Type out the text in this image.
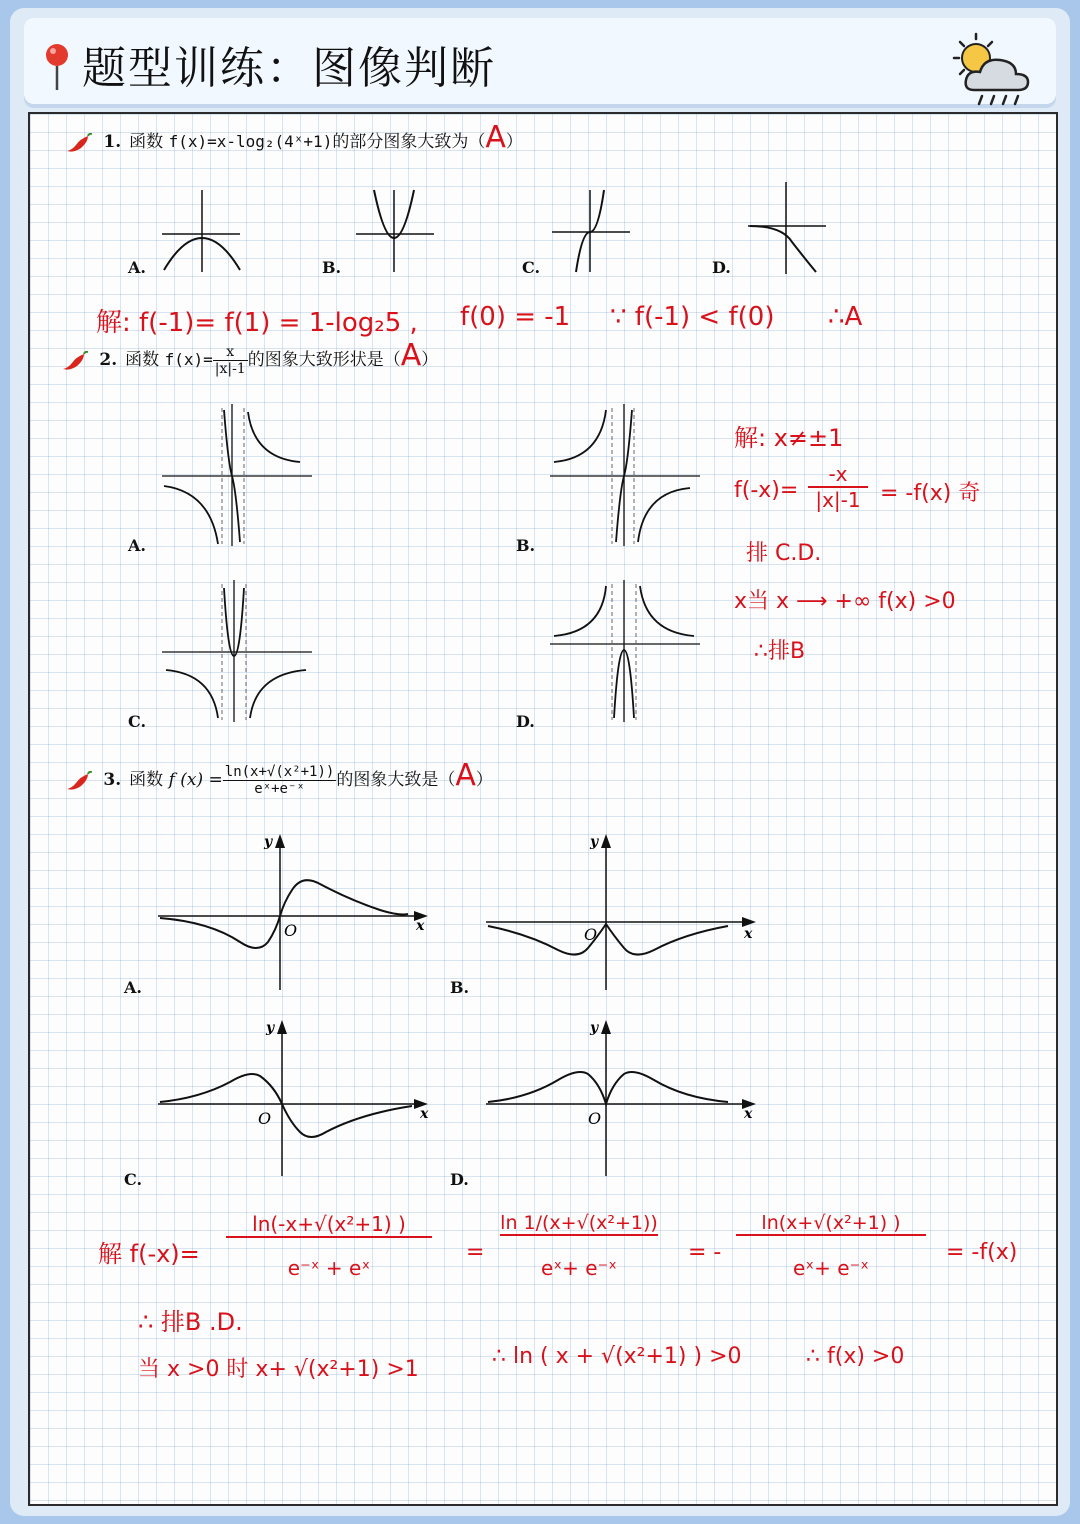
题型训练：图像判断
1. 函数 f(x)=x-log₂(4ˣ+1)的部分图象大致为（A）
A.	B.	C.	D.
解: f(-1)= f(1) = 1-log₂5 , f(0) = -1 ∵ f(-1) < f(0) ∴A
2. 函数 $f(x)= \frac{x}{|x|-1}$ 的图象大致形状是（A）
A.	B.
C.	D.
解: x≠±1
f(-x)=
-x
|x|-1 = -f(x) 奇
排 C.D.
x当 x ⟶ +∞ f(x) >0
∴排B
3. 函数 f $(x) = \frac{\text{ln(x+√(x²+1))}}{\text{eˣ+e⁻ˣ}}$ 的图象大致是（A）
y
x
O
y
x
O
y
x
O
y
x
O
A.	B.
C.	D.
解 f(-x)=
ln(-x+√(x²+1) )
e⁻ˣ + eˣ
=
ln 1/(x+√(x²+1))
eˣ+ e⁻ˣ
= -
ln(x+√(x²+1) )
eˣ+ e⁻ˣ
= -f(x)
∴ 排B .D.
当 x >0 时 x+ √(x²+1) >1
∴ ln ( x + √(x²+1) ) >0	∴ f(x) >0
